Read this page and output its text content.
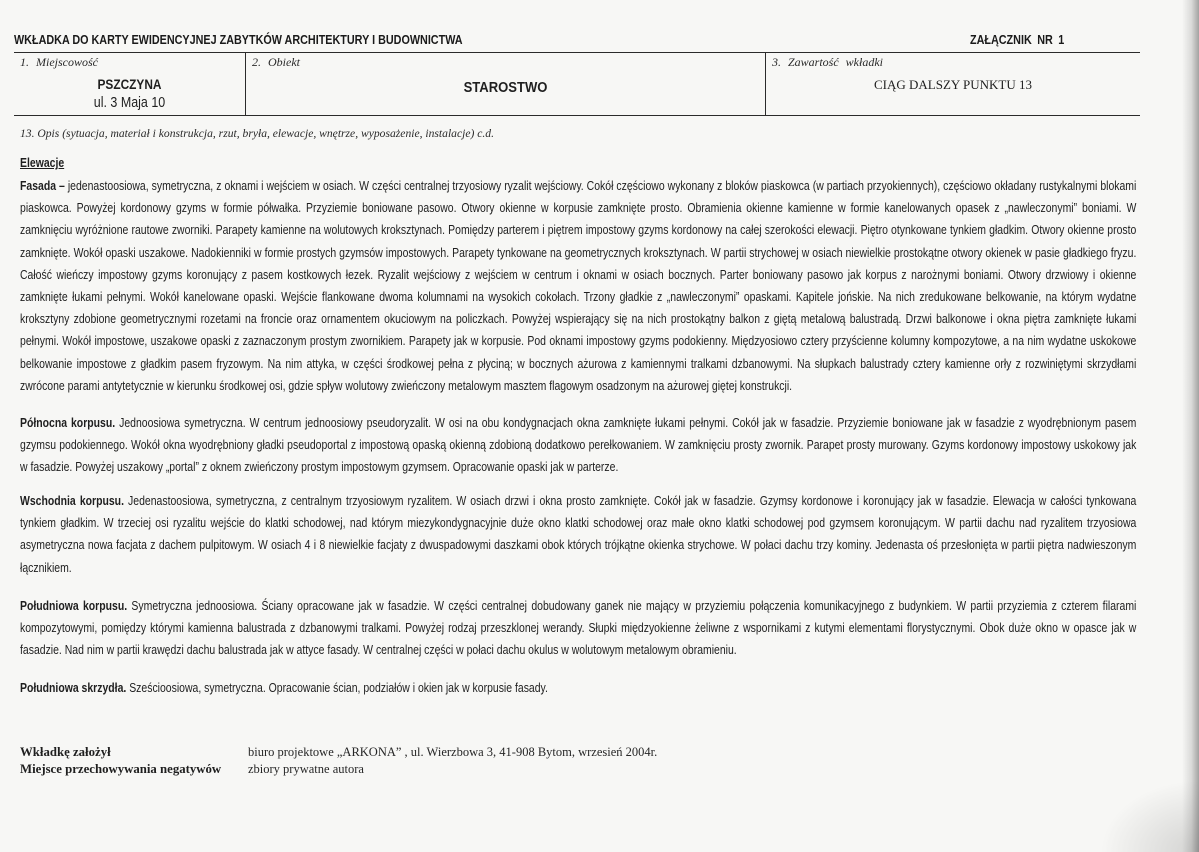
WKŁADKA DO KARTY EWIDENCYJNEJ ZABYTKÓW ARCHITEKTURY I BUDOWNICTWA	ZAŁĄCZNIK NR 1
1. Miejscowość
PSZCZYNA
ul. 3 Maja 10
2. Obiekt
STAROSTWO
3. Zawartość wkładki
CIĄG DALSZY PUNKTU 13
13. Opis (sytuacja, materiał i konstrukcja, rzut, bryła, elewacje, wnętrze, wyposażenie, instalacje) c.d.
Elewacje

Fasada – jedenastoosiowa, symetryczna, z oknami i wejściem w osiach. W części centralnej trzyosiowy ryzalit wejściowy. Cokół częściowo wykonany z bloków piaskowca (w partiach przyokiennych), częściowo okładany rustykalnymi blokami piaskowca. Powyżej kordonowy gzyms w formie półwałka. Przyziemie boniowane pasowo. Otwory okienne w korpusie zamknięte prosto. Obramienia okienne kamienne w formie kanelowanych opasek z „nawleczonymi” boniami. W zamknięciu wyróżnione rautowe zworniki. Parapety kamienne na wolutowych kroksztynach. Pomiędzy parterem i piętrem impostowy gzyms kordonowy na całej szerokości elewacji. Piętro otynkowane tynkiem gładkim. Otwory okienne prosto zamknięte. Wokół opaski uszakowe. Nadokienniki w formie prostych gzymsów impostowych. Parapety tynkowane na geometrycznych kroksztynach. W partii strychowej w osiach niewielkie prostokątne otwory okienek w pasie gładkiego fryzu. Całość wieńczy impostowy gzyms koronujący z pasem kostkowych łezek. Ryzalit wejściowy z wejściem w centrum i oknami w osiach bocznych. Parter boniowany pasowo jak korpus z narożnymi boniami. Otwory drzwiowy i okienne zamknięte łukami pełnymi. Wokół kanelowane opaski. Wejście flankowane dwoma kolumnami na wysokich cokołach. Trzony gładkie z „nawleczonymi” opaskami. Kapitele jońskie. Na nich zredukowane belkowanie, na którym wydatne kroksztyny zdobione geometrycznymi rozetami na froncie oraz ornamentem okuciowym na policzkach. Powyżej wspierający się na nich prostokątny balkon z giętą metalową balustradą. Drzwi balkonowe i okna piętra zamknięte łukami pełnymi. Wokół impostowe, uszakowe opaski z zaznaczonym prostym zwornikiem. Parapety jak w korpusie. Pod oknami impostowy gzyms podokienny. Międzyosiowo cztery przyścienne kolumny kompozytowe, a na nim wydatne uskokowe belkowanie impostowe z gładkim pasem fryzowym. Na nim attyka, w części środkowej pełna z płyciną; w bocznych ażurowa z kamiennymi tralkami dzbanowymi. Na słupkach balustrady cztery kamienne orły z rozwiniętymi skrzydłami zwrócone parami antytetycznie w kierunku środkowej osi, gdzie spływ wolutowy zwieńczony metalowym masztem flagowym osadzonym na ażurowej giętej konstrukcji.

Północna korpusu. Jednoosiowa symetryczna. W centrum jednoosiowy pseudoryzalit. W osi na obu kondygnacjach okna zamknięte łukami pełnymi. Cokół jak w fasadzie. Przyziemie boniowane jak w fasadzie z wyodrębnionym pasem gzymsu podokiennego. Wokół okna wyodrębniony gładki pseudoportal z impostową opaską okienną zdobioną dodatkowo perełkowaniem. W zamknięciu prosty zwornik. Parapet prosty murowany. Gzyms kordonowy impostowy uskokowy jak w fasadzie. Powyżej uszakowy „portal” z oknem zwieńczony prostym impostowym gzymsem. Opracowanie opaski jak w parterze.

Wschodnia korpusu. Jedenastoosiowa, symetryczna, z centralnym trzyosiowym ryzalitem. W osiach drzwi i okna prosto zamknięte. Cokół jak w fasadzie. Gzymsy kordonowe i koronujący jak w fasadzie. Elewacja w całości tynkowana tynkiem gładkim. W trzeciej osi ryzalitu wejście do klatki schodowej, nad którym miezykondygnacyjnie duże okno klatki schodowej oraz małe okno klatki schodowej pod gzymsem koronującym. W partii dachu nad ryzalitem trzyosiowa asymetryczna nowa facjata z dachem pulpitowym. W osiach 4 i 8 niewielkie facjaty z dwuspadowymi daszkami obok których trójkątne okienka strychowe. W połaci dachu trzy kominy. Jedenasta oś przesłonięta w partii piętra nadwieszonym łącznikiem.

Południowa korpusu. Symetryczna jednoosiowa. Ściany opracowane jak w fasadzie. W części centralnej dobudowany ganek nie mający w przyziemiu połączenia komunikacyjnego z budynkiem. W partii przyziemia z czterem filarami kompozytowymi, pomiędzy którymi kamienna balustrada z dzbanowymi tralkami. Powyżej rodzaj przeszklonej werandy. Słupki międzyokienne żeliwne z wspornikami z kutymi elementami florystycznymi. Obok duże okno w opasce jak w fasadzie. Nad nim w partii krawędzi dachu balustrada jak w attyce fasady. W centralnej części w połaci dachu okulus w wolutowym metalowym obramieniu.

Południowa skrzydła. Sześcioosiowa, symetryczna. Opracowanie ścian, podziałów i okien jak w korpusie fasady.

Wkładkę założył	biuro projektowe „ARKONA” , ul. Wierzbowa 3, 41-908 Bytom, wrzesień 2004r.
Miejsce przechowywania negatywów zbiory prywatne autora
